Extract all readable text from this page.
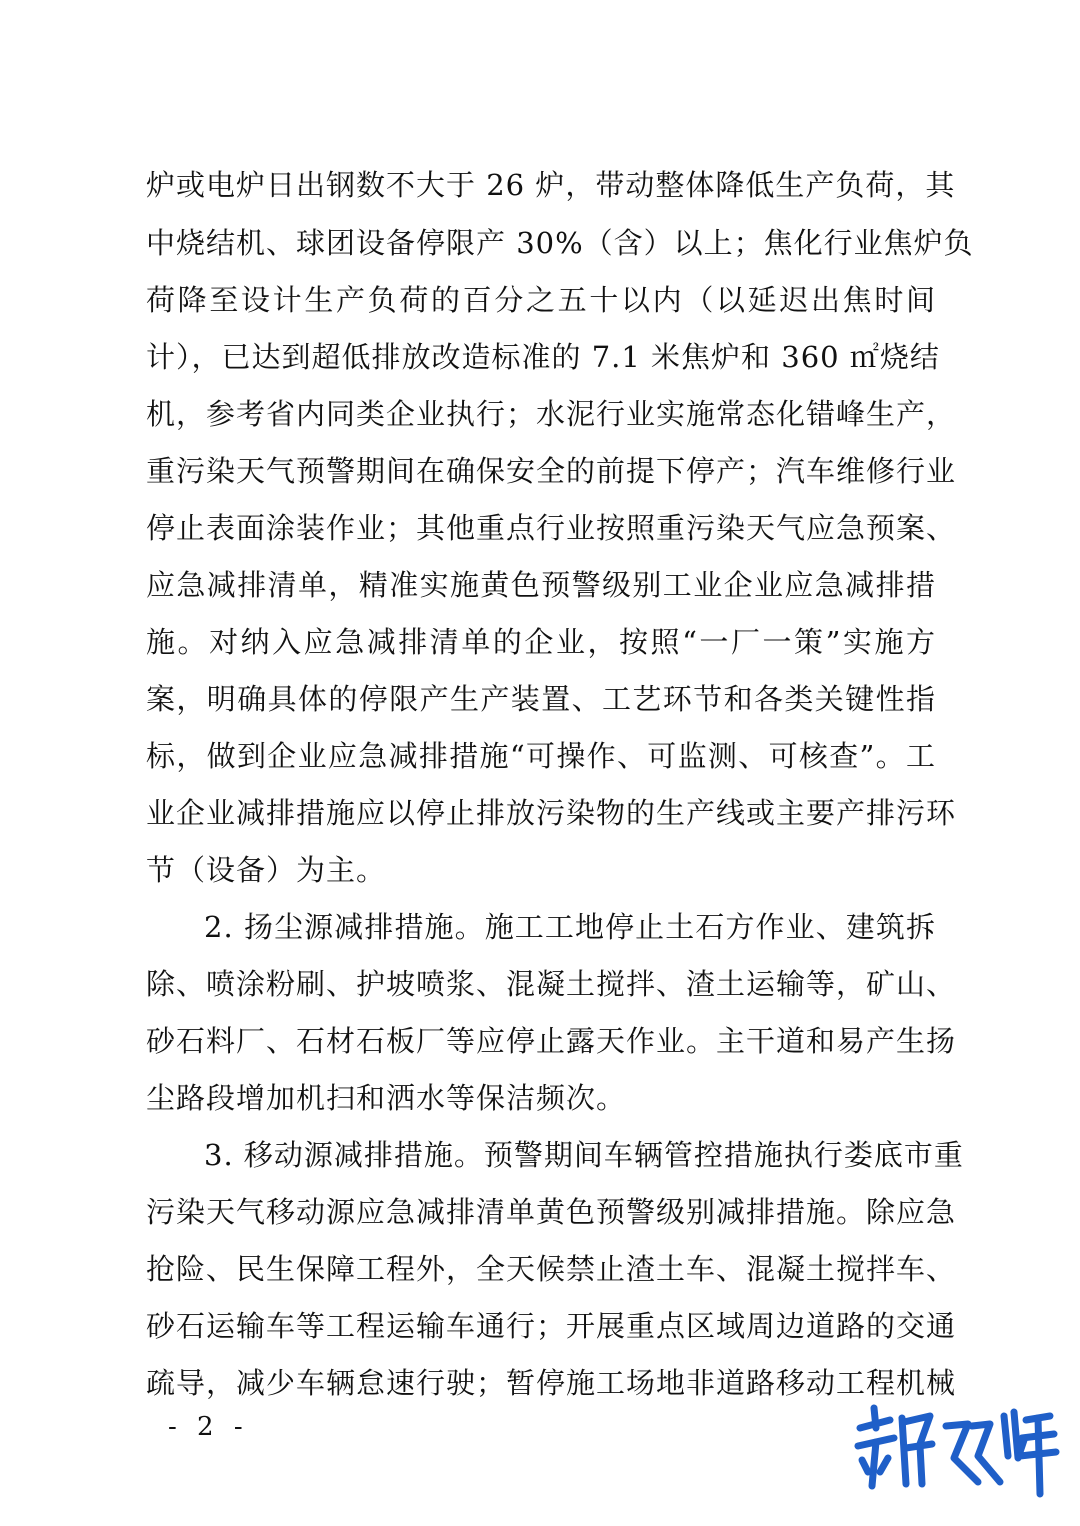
炉或电炉日出钢数不大于 26 炉，带动整体降低生产负荷，其
中烧结机、球团设备停限产 30%（含）以上；焦化行业焦炉负
荷降至设计生产负荷的百分之五十以内（以延迟出焦时间
计），已达到超低排放改造标准的 7.1 米焦炉和 360 ㎡烧结
机，参考省内同类企业执行；水泥行业实施常态化错峰生产，
重污染天气预警期间在确保安全的前提下停产；汽车维修行业
停止表面涂装作业；其他重点行业按照重污染天气应急预案、
应急减排清单，精准实施黄色预警级别工业企业应急减排措
施。对纳入应急减排清单的企业，按照“一厂一策”实施方
案，明确具体的停限产生产装置、工艺环节和各类关键性指
标，做到企业应急减排措施“可操作、可监测、可核查”。工
业企业减排措施应以停止排放污染物的生产线或主要产排污环
节（设备）为主。
2. 扬尘源减排措施。施工工地停止土石方作业、建筑拆
除、喷涂粉刷、护坡喷浆、混凝土搅拌、渣土运输等，矿山、
砂石料厂、石材石板厂等应停止露天作业。主干道和易产生扬
尘路段增加机扫和洒水等保洁频次。
3. 移动源减排措施。预警期间车辆管控措施执行娄底市重
污染天气移动源应急减排清单黄色预警级别减排措施。除应急
抢险、民生保障工程外，全天候禁止渣土车、混凝土搅拌车、
砂石运输车等工程运输车通行；开展重点区域周边道路的交通
疏导，减少车辆怠速行驶；暂停施工场地非道路移动工程机械
- 2 -
